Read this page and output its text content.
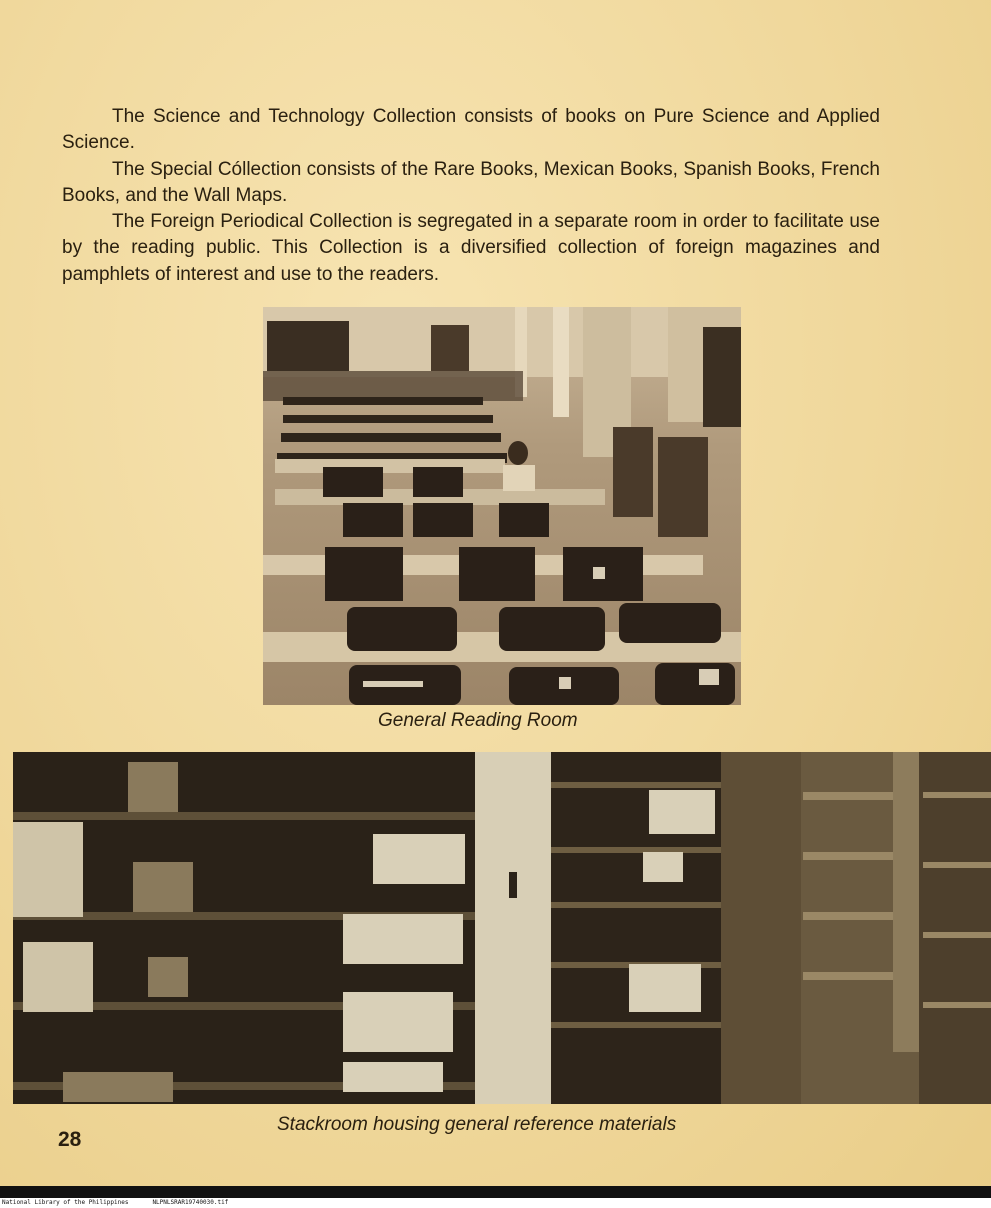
The Science and Technology Collection consists of books on Pure Science and Applied Science.

The Special Cóllection consists of the Rare Books, Mexican Books, Spanish Books, French Books, and the Wall Maps.

The Foreign Periodical Collection is segregated in a separate room in order to facilitate use by the reading public. This Collection is a diversified collection of foreign magazines and pamphlets of interest and use to the readers.

General Reading Room
Stackroom housing general reference materials
28
National Library of the Philippines	NLPNLSRAR19740030.tif
